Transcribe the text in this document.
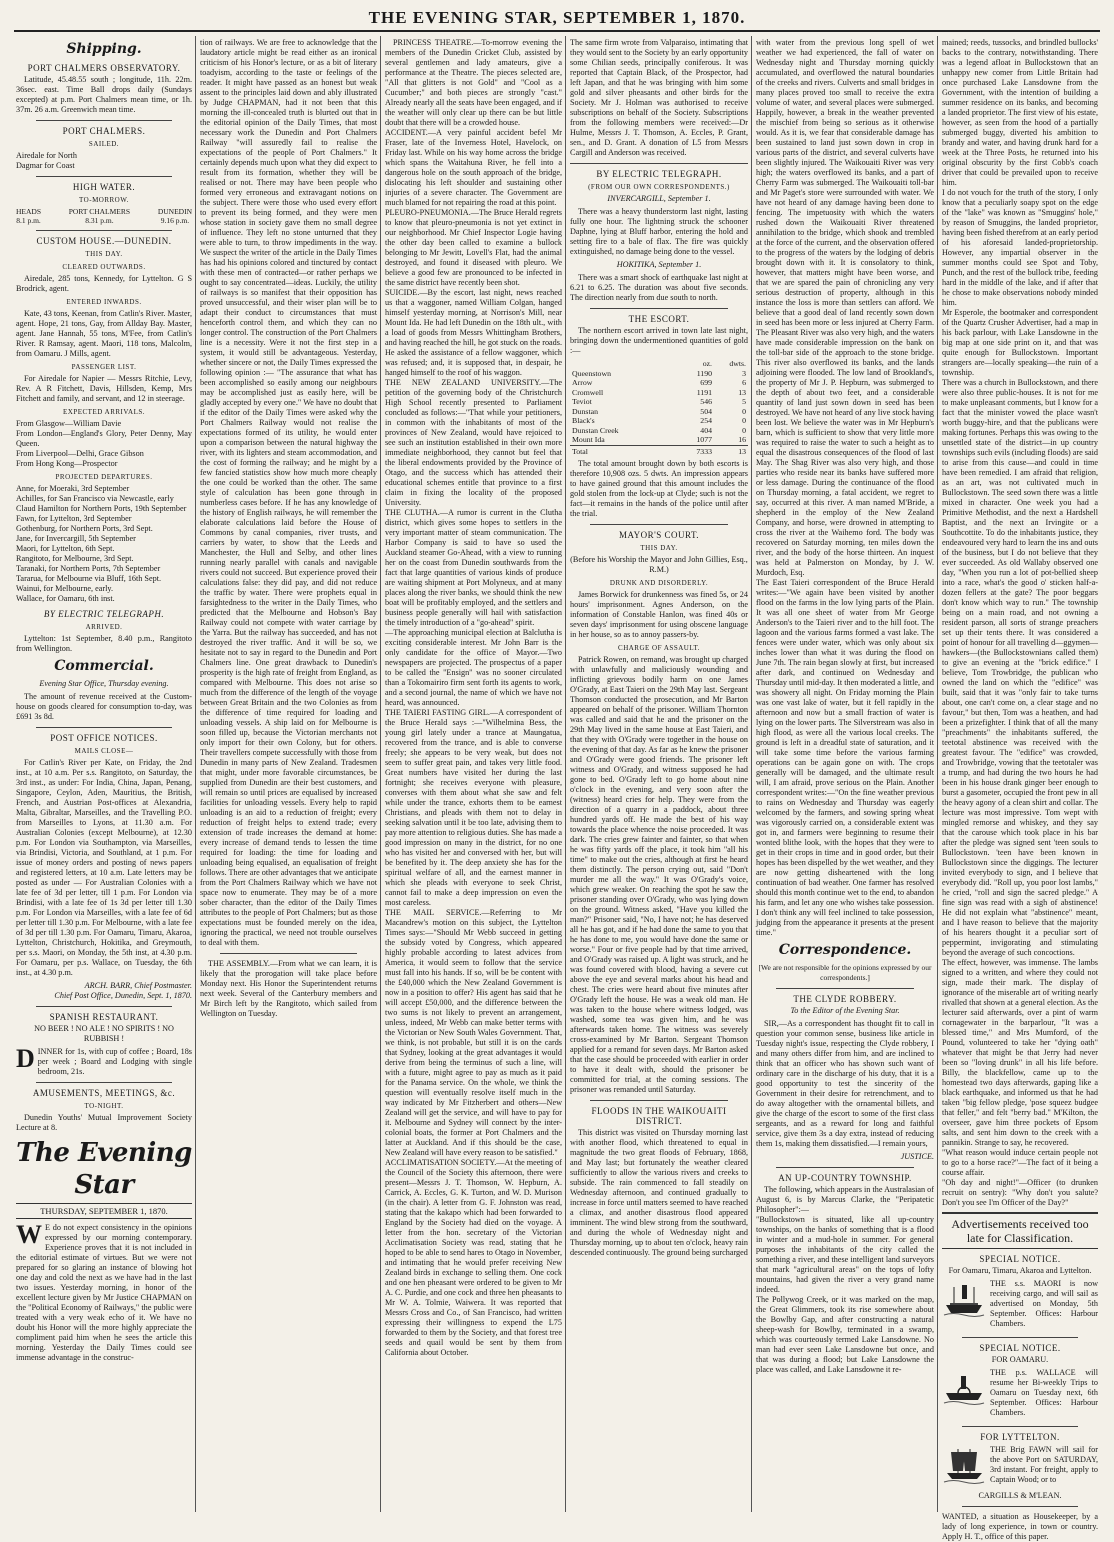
THE EVENING STAR, SEPTEMBER 1, 1870.
Shipping.
PORT CHALMERS OBSERVATORY.

Latitude, 45.48.55 south ; longitude, 11h. 22m. 36sec. east. Time Ball drops daily (Sundays excepted) at p.m. Port Chalmers mean time, or 1h. 37m. 26 a.m. Greenwich mean time.

PORT CHALMERS.
SAILED.

Airedale for North
Dagmar for Coast

HIGH WATER.
TO-MORROW.
HEADS
8.1 p.m.
PORT CHALMERS
8.31 p.m.
DUNEDIN
9.16 p.m.
CUSTOM HOUSE.—DUNEDIN.
THIS DAY.
CLEARED OUTWARDS.

Airedale, 285 tons, Kennedy, for Lyttelton. G S Brodrick, agent.

ENTERED INWARDS.

Kate, 43 tons, Keenan, from Catlin's River. Master, agent. Hope, 21 tons, Gay, from Allday Bay. Master, agent. Jane Hannah, 55 tons, M'Fee, from Catlin's River. R Ramsay, agent. Maori, 118 tons, Malcolm, from Oamaru. J Mills, agent.

PASSENGER LIST.

For Airedale for Napier — Messrs Ritchie, Levy, Rev. A R Fitchett, Davis, Hillsden, Kemp, Mrs Fitchett and family, and servant, and 12 in steerage.

EXPECTED ARRIVALS.

From Glasgow—William Davie
From London—England's Glory, Peter Denny, May Queen.
From Liverpool—Delhi, Grace Gibson
From Hong Kong—Prospector

PROJECTED DEPARTURES.

Anne, for Moeraki, 3rd September
Achilles, for San Francisco via Newcastle, early
Claud Hamilton for Northern Ports, 19th September
Fawn, for Lyttelton, 3rd September
Gothenburg, for Northern Ports, 3rd Sept.
Jane, for Invercargill, 5th September
Maori, for Lyttelton, 6th Sept.
Rangitoto, for Melbourne, 3rd Sept.
Taranaki, for Northern Ports, 7th September
Tararua, for Melbourne via Bluff, 16th Sept.
Wainui, for Melbourne, early.
Wallace, for Oamaru, 6th inst.

BY ELECTRIC TELEGRAPH.
ARRIVED.

Lyttelton: 1st September, 8.40 p.m., Rangitoto from Wellington.

Commercial.

Evening Star Office, Thursday evening.

The amount of revenue received at the Custom-house on goods cleared for consumption to-day, was £691 3s 8d.

POST OFFICE NOTICES.
MAILS CLOSE—

For Catlin's River per Kate, on Friday, the 2nd inst., at 10 a.m. Per s.s. Rangitoto, on Saturday, the 3rd inst., as under: For India, China, Japan, Penang, Singapore, Ceylon, Aden, Mauritius, the British, French, and Austrian Post-offices at Alexandria, Malta, Gibraltar, Marseilles, and the Travelling P.O. from Marseilles to Lyons, at 11.30 a.m. For Australian Colonies (except Melbourne), at 12.30 p.m. For London via Southampton, via Marseilles, via Brindisi, Victoria, and Southland, at 1 p.m. For issue of money orders and posting of news papers and registered letters, at 10 a.m. Late letters may be posted as under — For Australian Colonies with a late fee of 3d per letter, till 1 p.m. For London via Brindisi, with a late fee of 1s 3d per letter till 1.30 p.m. For London via Marseilles, with a late fee of 6d per letter till 1.30 p.m. For Melbourne, with a late fee of 3d per till 1.30 p.m. For Oamaru, Timaru, Akaroa, Lyttelton, Christchurch, Hokitika, and Greymouth, per s.s. Maori, on Monday, the 5th inst, at 4.30 p.m. For Oamaru, per p.s. Wallace, on Tuesday, the 6th inst., at 4.30 p.m.

ARCH. BARR, Chief Postmaster.
Chief Post Office, Dunedin, Sept. 1, 1870.

SPANISH RESTAURANT.

NO BEER ! NO ALE ! NO SPIRITS ! NO RUBBISH !

DINNER for 1s, with cup of coffee ; Board, 18s per week ; Board and Lodging with single bedroom, 21s.

AMUSEMENTS, MEETINGS, &c.
TO-NIGHT.

Dunedin Youths' Mutual Improvement Society Lecture at 8.

The Evening Star
THURSDAY, SEPTEMBER 1, 1870.

W E do not expect consistency in the opinions expressed by our morning contemporary. Experience proves that it is not included in the editorial estimate of virtues. But we were not prepared for so glaring an instance of blowing hot one day and cold the next as we have had in the last two issues. Yesterday morning, in honor of the excellent lecture given by Mr Justice CHAPMAN on the "Political Economy of Railways," the public were treated with a very weak echo of it. We have no doubt his Honor will the more highly appreciate the compliment paid him when he sees the article this morning. Yesterday the Daily Times could see immense advantage in the construc-

tion of railways. We are free to acknowledge that the laudatory article might be read either as an ironical criticism of his Honor's lecture, or as a bit of literary toadyism, according to the taste or feelings of the reader. It might have passed as an honest but weak assent to the principles laid down and ably illustrated by Judge CHAPMAN, had it not been that this morning the ill-concealed truth is blurted out that in the editorial opinion of the Daily Times, that most necessary work the Dunedin and Port Chalmers Railway "will assuredly fail to realise the expectations of the people of Port Chalmers." It certainly depends much upon what they did expect to result from its formation, whether they will be realised or not. There may have been people who formed very erroneous and extravagant notions on the subject. There were those who used every effort to prevent its being formed, and they were men whose station in society gave them no small degree of influence. They left no stone unturned that they were able to turn, to throw impediments in the way. We suspect the writer of the article in the Daily Times has had his opinions colored and tinctured by contact with these men of contracted—or rather perhaps we ought to say concentrated—ideas. Luckily, the utility of railways is so manifest that their opposition has proved unsuccessful, and their wiser plan will be to adapt their conduct to circumstances that must henceforth control them, and which they can no longer control. The construction of the Port Chalmers line is a necessity. Were it not the first step in a system, it would still be advantageous. Yesterday, whether sincere or not, the Daily Times expressed the following opinion :— "The assurance that what has been accomplished so easily among our neighbours may be accomplished just as easily here, will be gladly accepted by every one." We have no doubt that if the editor of the Daily Times were asked why the Port Chalmers Railway would not realise the expectations formed of its utility, he would enter upon a comparison between the natural highway the river, with its lighters and steam accommodation, and the cost of forming the railway; and he might by a few fancied statistics show how much more cheaply the one could be worked than the other. The same style of calculation has been gone through in numberless cases before. If he has any knowledge of the history of English railways, he will remember the elaborate calculations laid before the House of Commons by canal companies, river trusts, and carriers by water, to show that the Leeds and Manchester, the Hull and Selby, and other lines running nearly parallel with canals and navigable rivers could not succeed. But experience proved their calculations false: they did pay, and did not reduce the traffic by water. There were prophets equal in farsightedness to the writer in the Daily Times, who predicted that the Melbourne and Hobson's Bay Railway could not compete with water carriage by the Yarra. But the railway has succeeded, and has not destroyed the river traffic. And it will be so, we hesitate not to say in regard to the Dunedin and Port Chalmers line. One great drawback to Dunedin's prosperity is the high rate of freight from England, as compared with Melbourne. This does not arise so much from the difference of the length of the voyage between Great Britain and the two Colonies as from the difference of time required for loading and unloading vessels. A ship laid on for Melbourne is soon filled up, because the Victorian merchants not only import for their own Colony, but for others. Their travellers compete successfully with those from Dunedin in many parts of New Zealand. Tradesmen that might, under more favorable circumstances, be supplied from Dunedin are their best customers, and will remain so until prices are equalised by increased facilities for unloading vessels. Every help to rapid unloading is an aid to a reduction of freight; every reduction of freight helps to extend trade; every extension of trade increases the demand at home: every increase of demand tends to lessen the time required for loading: the time for loading and unloading being equalised, an equalisation of freight follows. There are other advantages that we anticipate from the Port Chalmers Railway which we have not space now to enumerate. They may be of a more sober character, than the editor of the Daily Times attributes to the people of Port Chalmers; but as those expectations must be founded merely on the idea, ignoring the practical, we need not trouble ourselves to deal with them.

THE ASSEMBLY.—From what we can learn, it is likely that the prorogation will take place before Monday next. His Honor the Superintendent returns next week. Several of the Canterbury members and Mr Birch left by the Rangitoto, which sailed from Wellington on Tuesday.

PRINCESS THEATRE.—To-morrow evening the members of the Dunedin Cricket Club, assisted by several gentlemen and lady amateurs, give a performance at the Theatre. The pieces selected are, "All that glitters is not Gold" and "Cool as a Cucumber;" and both pieces are strongly "cast." Already nearly all the seats have been engaged, and if the weather will only clear up there can be but little doubt that there will be a crowded house.
ACCIDENT.—A very painful accident befel Mr Fraser, late of the Inverness Hotel, Havelock, on Friday last. While on his way home across the bridge which spans the Waitahuna River, he fell into a dangerous hole on the south approach of the bridge, dislocating his left shoulder and sustaining other injuries of a severe character. The Government are much blamed for not repairing the road at this point.
PLEURO-PNEUMONIA.—The Bruce Herald regrets to know that pleuro-pneumonia is not yet extinct in our neighborhood. Mr Chief Inspector Logie having the other day been called to examine a bullock belonging to Mr Jewitt, Lovell's Flat, had the animal destroyed, and found it diseased with pleuro. We believe a good few are pronounced to be infected in the same district have recently been shot.
SUICIDE.—By the escort, last night, news reached us that a waggoner, named William Colgan, hanged himself yesterday morning, at Norrison's Mill, near Mount Ida. He had left Dunedin on the 18th ult., with a load of goods from Messrs Whittingham Brothers, and having reached the hill, he got stuck on the roads. He asked the assistance of a fellow waggoner, which was refused; and, it is supposed that, in despair, he hanged himself to the roof of his waggon.
THE NEW ZEALAND UNIVERSITY.—The petition of the governing body of the Christchurch High School recently presented to Parliament concluded as follows:—"That while your petitioners, in common with the inhabitants of most of the provinces of New Zealand, would have rejoiced to see such an institution established in their own more immediate neighborhood, they cannot but feel that the liberal endowments provided by the Province of Otago, and the success which has attended their educational schemes entitle that province to a first claim in fixing the locality of the proposed University.
THE CLUTHA.—A rumor is current in the Clutha district, which gives some hopes to settlers in the very important matter of steam communication. The Harbor Company is said to have so used the Auckland steamer Go-Ahead, with a view to running her on the coast from Dunedin southwards from the fact that large quantities of various kinds of produce are waiting shipment at Port Molyneux, and at many places along the river banks, we should think the new boat will be profitably employed, and the settlers and business people generally will hail with satisfaction the timely introduction of a "go-ahead" spirit.
—The approaching municipal election at Balclutha is exciting considerable interest. Mr John Barr is the only candidate for the office of Mayor.—Two newspapers are projected. The prospectus of a paper to be called the "Ensign" was no sooner circulated than a Tokomairiro firm sent forth its agents to work, and a second journal, the name of which we have not heard, was announced.
THE TAIERI FASTING GIRL.—A correspondent of the Bruce Herald says :—"Wilhelmina Bess, the young girl lately under a trance at Maungatua, recovered from the trance, and is able to converse freely; she appears to be very weak, but does not seem to suffer great pain, and takes very little food. Great numbers have visited her during the last fortnight; she receives everyone with pleasure, converses with them about what she saw and felt while under the trance, exhorts them to be earnest Christians, and pleads with them not to delay in seeking salvation until it be too late, advising them to pay more attention to religious duties. She has made a good impression on many in the district, for no one who has visited her and conversed with her, but will be benefited by it. The deep anxiety she has for the spiritual welfare of all, and the earnest manner in which she pleads with everyone to seek Christ, cannot fail to make a deep impression on even the most careless.
THE MAIL SERVICE.—Referring to Mr Macandrew's motion on this subject, the Lyttelton Times says:—"Should Mr Webb succeed in getting the subsidy voted by Congress, which appeared highly probable according to latest advices from America, it would seem to follow that the service must fall into his hands. If so, will be be content with the £40,000 which the New Zealand Government is now in a position to offer? His agent has said that he will accept £50,000, and the difference between the two sums is not likely to prevent an arrangement, unless, indeed, Mr Webb can make better terms with the Victorian or New South Wales Government. That, we think, is not probable, but still it is on the cards that Sydney, looking at the great advantages it would derive from being the terminus of such a line, will with a future, might agree to pay as much as it paid for the Panama service. On the whole, we think the question will eventually resolve itself much in the way indicated by Mr Fitzherbert and others—New Zealand will get the service, and will have to pay for it. Melbourne and Sydney will connect by the inter-colonial boats, the former at Port Chalmers and the latter at Auckland. And if this should be the case, New Zealand will have every reason to be satisfied."
ACCLIMATISATION SOCIETY.—At the meeting of the Council of the Society this afternoon, there were present—Messrs J. T. Thomson, W. Hepburn, A. Carrick, A. Eccles, G. K. Turton, and W. D. Murison (in the chair). A letter from G. F. Johnston was read, stating that the kakapo which had been forwarded to England by the Society had died on the voyage. A letter from the hon. secretary of the Victorian Acclimatisation Society was read, stating that he hoped to be able to send hares to Otago in November, and intimating that he would prefer receiving New Zealand birds in exchange to selling them. One cock and one hen pheasant were ordered to be given to Mr A. C. Purdie, and one cock and three hen pheasants to Mr W. A. Tolmie, Waiwera. It was reported that Messrs Cross and Co., of San Francisco, had written expressing their willingness to expend the L75 forwarded to them by the Society, and that forest tree seeds and quail would be sent by them from California about October.

The same firm wrote from Valparaiso, intimating that they would sent to the Society by an early opportunity some Chilian seeds, principally coniferous. It was reported that Captain Black, of the Prospector, had left Japan, and that he was bringing with him some gold and silver pheasants and other birds for the Society. Mr J. Holman was authorised to receive subscriptions on behalf of the Society. Subscriptions from the following members were received:—Dr Hulme, Messrs J. T. Thomson, A. Eccles, P. Grant, sen., and D. Grant. A donation of L5 from Messrs Cargill and Anderson was received.

BY ELECTRIC TELEGRAPH.
(FROM OUR OWN CORRESPONDENTS.)

INVERCARGILL, September 1.

There was a heavy thunderstorm last night, lasting fully one hour. The lightning struck the schooner Daphne, lying at Bluff harbor, entering the hold and setting fire to a bale of flax. The fire was quickly extinguished, no damage being done to the vessel.

HOKITIKA, September 1.

There was a smart shock of earthquake last night at 6.21 to 6.25. The duration was about five seconds. The direction nearly from due south to north.

THE ESCORT.

The northern escort arrived in town late last night, bringing down the undermentioned quantities of gold :—

	oz.	dwts.
Queenstown	1190	3
Arrow	699	6
Cromwell	1191	13
Teviot	546	5
Dunstan	504	0
Black's	254	0
Dunstan Creek	404	0
Mount Ida	1077	16
Total	7333	13

The total amount brought down by both escorts is therefore 10,908 ozs. 5 dwts. An impression appears to have gained ground that this amount includes the gold stolen from the lock-up at Clyde; such is not the fact—it remains in the hands of the police until after the trial.

MAYOR'S COURT.
THIS DAY.

(Before his Worship the Mayor and John Gillies, Esq., R.M.)

DRUNK AND DISORDERLY.

James Borwick for drunkenness was fined 5s, or 24 hours' imprisonment. Agnes Anderson, on the information of Constable Hanlon, was fined 40s or seven days' imprisonment for using obscene language in her house, so as to annoy passers-by.

CHARGE OF ASSAULT.

Patrick Rowen, on remand, was brought up charged with unlawfully and maliciously wounding and inflicting grievous bodily harm on one James O'Grady, at East Taieri on the 29th May last. Sergeant Thomson conducted the prosecution, and Mr Barton appeared on behalf of the prisoner. William Thornton was called and said that he and the prisoner on the 29th May lived in the same house at East Taieri, and that they with O'Grady were together in the house on the evening of that day. As far as he knew the prisoner and O'Grady were good friends. The prisoner left witness and O'Grady, and witness supposed he had gone to bed. O'Grady left to go home about nine o'clock in the evening, and very soon after the (witness) heard cries for help. They were from the direction of a quarry in a paddock, about three hundred yards off. He made the best of his way towards the place whence the noise proceeded. It was dark. The cries grew fainter and fainter, so that when he was fifty yards off the place, it took him "all his time" to make out the cries, although at first he heard them distinctly. The person crying out, said "Don't murder me all the way." It was O'Grady's voice, which grew weaker. On reaching the spot he saw the prisoner standing over O'Grady, who was lying down on the ground. Witness asked, "Have you killed the man?" Prisoner said, "No, I have not; he has deserved all he has got, and if he had done the same to you that he has done to me, you would have done the same or worse." Four or five people had by that time arrived, and O'Grady was raised up. A light was struck, and he was found covered with blood, having a severe cut above the eye and several marks about his head and chest. The cries were heard about five minutes after O'Grady left the house. He was a weak old man. He was taken to the house where witness lodged, was washed, some tea was given him, and he was afterwards taken home. The witness was severely cross-examined by Mr Barton. Sergeant Thomson applied for a remand for seven days. Mr Barton asked that the case should be proceeded with earlier in order to have it dealt with, should the prisoner be committed for trial, at the coming sessions. The prisoner was remanded until Saturday.

FLOODS IN THE WAIKOUAITI DISTRICT.

This district was visited on Thursday morning last with another flood, which threatened to equal in magnitude the two great floods of February, 1868, and May last; but fortunately the weather cleared sufficiently to allow the various rivers and creeks to subside. The rain commenced to fall steadily on Wednesday afternoon, and continued gradually to increase in force until matters seemed to have reached a climax, and another disastrous flood appeared imminent. The wind blew strong from the southward, and during the whole of Wednesday night and Thursday morning, up to about ten o'clock, heavy rain descended continuously. The ground being surcharged

with water from the previous long spell of wet weather we had experienced, the fall of water on Wednesday night and Thursday morning quickly accumulated, and overflowed the natural boundaries of the creeks and rivers. Culverts and small bridges in many places proved too small to receive the extra volume of water, and several places were submerged. Happily, however, a break in the weather prevented the mischief from being so serious as it otherwise would. As it is, we fear that considerable damage has been sustained to land just sown down in crop in various parts of the district, and several culverts have been slightly injured. The Waikouaiti River was very high; the waters overflowed its banks, and a part of Cherry Farm was submerged. The Waikouaiti toll-bar and Mr Paget's store were surrounded with water. We have not heard of any damage having been done to fencing. The impetuosity with which the waters rushed down the Waikouaiti River threatened annihilation to the bridge, which shook and trembled at the force of the current, and the observation offered to the progress of the waters by the lodging of debris brought down with it. It is consolatory to think, however, that matters might have been worse, and that we are spared the pain of chronicling any very serious destruction of property, although in this instance the loss is more than settlers can afford. We believe that a good deal of land recently sown down in seed has been more or less injured at Cherry Farm. The Pleasant River was also very high, and the waters have made considerable impression on the bank on the toll-bar side of the approach to the stone bridge. This river also overflowed its banks, and the lands adjoining were flooded. The low land of Brookland's, the property of Mr J. P. Hepburn, was submerged to the depth of about two feet, and a considerable quantity of land just sown down in seed has been destroyed. We have not heard of any live stock having been lost. We believe the water was in Mr Hepburn's barn, which is sufficient to show that very little more was required to raise the water to such a height as to equal the disastrous consequences of the flood of last May. The Shag River was also very high, and those parties who reside near its banks have suffered more or less damage. During the continuance of the flood on Thursday morning, a fatal accident, we regret to say, occurred at this river. A man named M'Bride, a shepherd in the employ of the New Zealand Company, and horse, were drowned in attempting to cross the river at the Waihemo ford. The body was recovered on Saturday morning, ten miles down the river, and the body of the horse thirteen. An inquest was held at Palmerston on Monday, by J. W. Murdoch, Esq.
The East Taieri correspondent of the Bruce Herald writes:—"We again have been visited by another flood on the farms in the low lying parts of the Plain. It was all one sheet of water from Mr George Anderson's to the Taieri river and to the hill foot. The lagoon and the various farms formed a vast lake. The fences were under water, which was only about six inches lower than what it was during the flood on June 7th. The rain began slowly at first, but increased after dark, and continued on Wednesday and Thursday until mid-day. It then moderated a little, and was showery all night. On Friday morning the Plain was one vast lake of water, but it fell rapidly in the afternoon and now but a small fraction of water is lying on the lower parts. The Silverstream was also in high flood, as were all the various local creeks. The ground is left in a dreadful state of saturation, and it will take some time before the various farming operations can be again gone on with. The crops generally will be damaged, and the ultimate result will, I am afraid, prove serious on the Plain. Another correspondent writes:—"On the fine weather previous to rains on Wednesday and Thursday was eagerly welcomed by the farmers, and sowing spring wheat was vigorously carried on, a considerable extent was got in, and farmers were beginning to resume their wonted blithe look, with the hopes that they were to get in their crops in time and in good order, but their hopes has been dispelled by the wet weather, and they are now getting disheartened with the long continuation of bad weather. One farmer has resolved should this month continue wet to the end, to abandon his farm, and let any one who wishes take possession. I don't think any will feel inclined to take possession, judging from the appearance it presents at the present time."

Correspondence.

[We are not responsible for the opinions expressed by our correspondents.]

THE CLYDE ROBBERY.

To the Editor of the Evening Star.

SIR,—As a correspondent has thought fit to call in question your common sense, business like article in Tuesday night's issue, respecting the Clyde robbery, I and many others differ from him, and are inclined to think that an officer who has shown such want of ordinary care in the discharge of his duty, that it is a good opportunity to test the sincerity of the Government in their desire for retrenchment, and to do away altogether with the ornamental billets, and give the charge of the escort to some of the first class sergeants, and as a reward for long and faithful service, give them 3s a day extra, instead of reducing them 1s, making them dissatisfied.—I remain yours,

JUSTICE.

AN UP-COUNTRY TOWNSHIP.

The following, which appears in the Australasian of August 6, is by Marcus Clarke, the "Peripatetic Philosopher":—
"Bullockstown is situated, like all up-country townships, on the banks of something that is a flood in winter and a mud-hole in summer. For general purposes the inhabitants of the city called the something a river, and these intelligent land surveyors that mark "agricultural areas" on the tops of lofty mountains, had given the river a very grand name indeed.
The Pollywog Creek, or it was marked on the map, the Great Glimmers, took its rise somewhere about the Bowlby Gap, and after constructing a natural sheep-wash for Bowlby, terminated in a swamp, which was courteously termed Lake Lansdowne. No man had ever seen Lake Lansdowne but once, and that was during a flood; but Lake Lansdowne the place was called, and Lake Lansdowne it re-

mained; reeds, tussocks, and brindled bullocks' backs to the contrary, notwithstanding. There was a legend afloat in Bullockstown that an unhappy new comer from Little Britain had once purchased Lake Lansdowne from the Government, with the intention of building a summer residence on its banks, and becoming a landed proprietor. The first view of his estate, however, as seen from the hood of a partially submerged buggy, diverted his ambition to brandy and water, and having drunk hard for a week at the Three Posts, he returned into his original obscurity by the first Cobb's coach driver that could be prevailed upon to receive him.
I do not vouch for the truth of the story, I only know that a peculiarly soapy spot on the edge of the "lake" was known as "Smuggins' hole," by reason of Smuggins, the landed proprietor, having been fished therefrom at an early period of his aforesaid landed-proprietorship. However, any impartial observer in the summer months could see Spot and Toby, Punch, and the rest of the bullock tribe, feeding hard in the middle of the lake, and if after that he chose to make observations nobody minded him.
Mr Esperole, the bootmaker and correspondent of the Quartz Crusher Advertiser, had a map in his back parlour, with Lake Lansdowne in the big map at one side print on it, and that was quite enough for Bullockstown. Important strangers are—locally speaking—the ruin of a township.
There was a church in Bullockstown, and there were also three public-houses. It is not for me to make unpleasant comments, but I know for a fact that the minister vowed the place wasn't worth buggy-hire, and that the publicans were making fortunes. Perhaps this was owing to the unsettled state of the district—in up country townships such evils (including floods) are said to arise from this cause—and could in time have been remedied. I am afraid that religion, as an art, was not cultivated much in Bullockstown. The seed sown there was a little mixed in character. One week you had a Primitive Methodist, and the next a Hardshell Baptist, and the next an Irvingite or a Southcottite. To do the inhabitants justice, they endeavoured very hard to learn the ins and outs of the business, but I do not believe that they ever succeeded. As old Wallaby observed one day, "When you run a lot of pot-bellied sheep into a race, what's the good o' sticken half-a-dozen fellers at the gate? The poor beggars don't know which way to run." The township being on a main road, and not owning a resident parson, all sorts of strange preachers set up their tents there. It was considered a point of honour for all travelling d—ggymen—hawkers—(the Bullockstownians called them) to give an evening at the "brick edifice." I believe, Tom Trowbridge, the publican who owned the land on which the "edifice" was built, said that it was "only fair to take turns about, one can't come on, a clear stage and no favour," but then, Tom was a heathen, and had been a prizefighter. I think that of all the many "preachments" the inhabitants suffered, the teetotal abstinence was received with the greatest favour. The "edifice" was crowded, and Trowbridge, vowing that the teetotaler was a trump, and had during the two hours he had been in his house drank ginger beer enough to burst a gasometer, occupied the front pew in all the heavy agony of a clean shirt and collar. The lecture was most impressive. Tom wept with mingled remorse and whiskey, and they say that the carouse which took place in his bar after the pledge was signed sent 'teen souls to Bullockstown. 'teen have been known in Bullockstown since the diggings. The lecturer invited everybody to sign, and I believe that everybody did. "Roll up, you poor lost lambs," he cried, "roll and sign the sacred pledge." A fine sign was read with a sigh of abstinence! He did not explain what "abstinence" meant, and I have reason to believe that the majority of his hearers thought it a peculiar sort of peppermint, invigorating and stimulating beyond the average of such concoctions.
The effect, however, was immense. The lambs signed to a written, and where they could not sign, made their mark. The display of ignorance of the miserable art of writing nearly rivalled that shown at a general election. As the lecturer said afterwards, over a pint of warm cornagewater in the barparlour, "It was a blessed time," and Mrs Mumford, of the Pound, volunteered to take her "dying oath" whatever that might be that Jerry had never been so "loving drunk" in all his life before. Billy, the blackfellow, came up to the homestead two days afterwards, gaping like a black earthquake, and informed us that he had taken "big fellow pledge, 'pose squeez budgee that feller," and felt "berry bad." M'Kilton, the overseer, gave him three pockets of Epsom salts, and sent him down to the creek with a pannikin. Strange to say, he recovered.
"What reason would induce certain people not to go to a horse race?"—The fact of it being a course affair.
"Oh day and night!"—Officer (to drunken recruit on sentry): "Why don't you salute? Don't you see I'm Officer of the Day?"

Advertisements received too late for Classification.
SPECIAL NOTICE.

For Oamaru, Timaru, Akaroa and Lyttelton.

THE s.s. MAORI is now receiving cargo, and will sail as advertised on Monday, 5th September. Offices: Harbour Chambers.

SPECIAL NOTICE.

FOR OAMARU.

THE p.s. WALLACE will resume her Bi-weekly Trips to Oamaru on Tuesday next, 6th September. Offices: Harbour Chambers.

FOR LYTTELTON.

THE Brig FAWN will sail for the above Port on SATURDAY, 3rd instant. For freight, apply to Captain Wood; or to

CARGILLS & M'LEAN.

WANTED, a situation as Housekeeper, by a lady of long experience, in town or country. Apply H. T., office of this paper.
